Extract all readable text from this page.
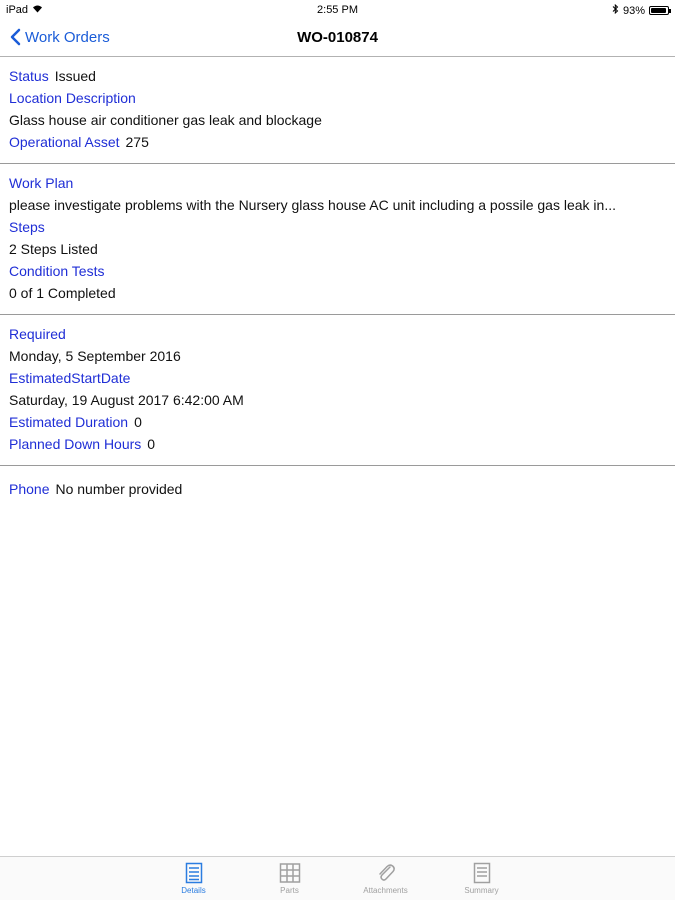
iPad	2:55 PM	93%
Work Orders	WO-010874
Status Issued
Location Description
Glass house air conditioner gas leak and blockage
Operational Asset 275
Work Plan
please investigate problems with the Nursery glass house AC unit including a possile gas leak in...
Steps
2 Steps Listed
Condition Tests
0 of 1 Completed
Required
Monday, 5 September 2016
EstimatedStartDate
Saturday, 19 August 2017 6:42:00 AM
Estimated Duration 0
Planned Down Hours 0
Phone No number provided
Details	Parts	Attachments	Summary
